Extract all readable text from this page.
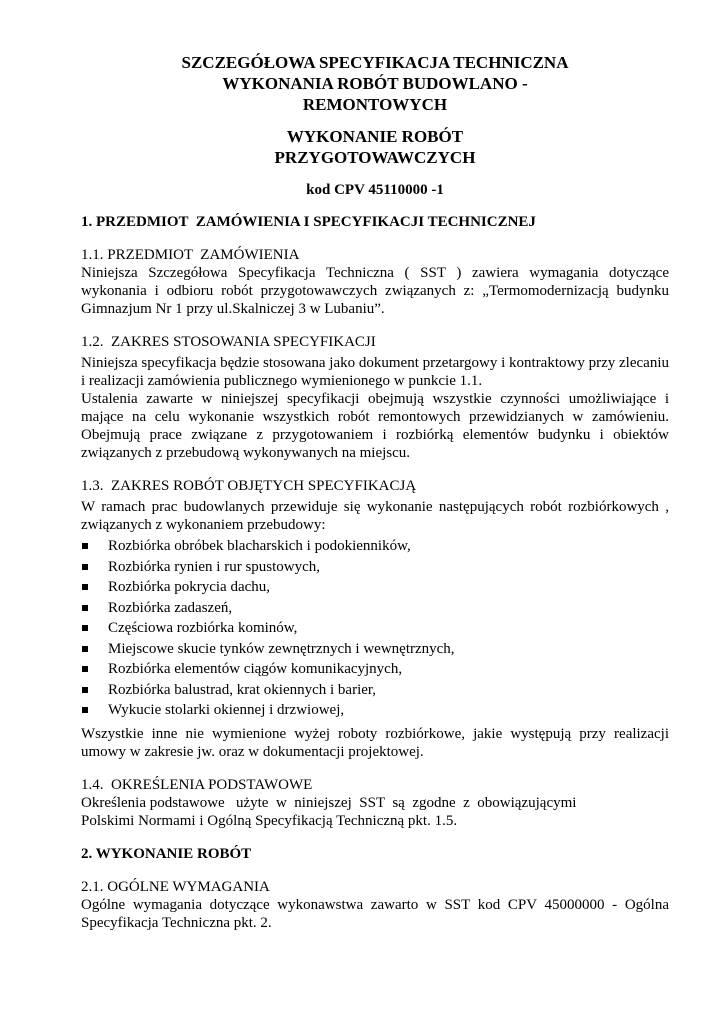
SZCZEGÓŁOWA SPECYFIKACJA TECHNICZNA
WYKONANIA ROBÓT BUDOWLANO -
REMONTOWYCH
WYKONANIE ROBÓT
PRZYGOTOWAWCZYCH
kod CPV 45110000 -1
1. PRZEDMIOT  ZAMÓWIENIA I SPECYFIKACJI TECHNICZNEJ
1.1. PRZEDMIOT  ZAMÓWIENIA

Niniejsza Szczegółowa Specyfikacja Techniczna ( SST ) zawiera wymagania dotyczące wykonania i odbioru robót przygotowawczych związanych z: „Termomodernizacją budynku Gimnazjum Nr 1 przy ul.Skalniczej 3 w Lubaniu”.

1.2.  ZAKRES STOSOWANIA SPECYFIKACJI

Niniejsza specyfikacja będzie stosowana jako dokument przetargowy i kontraktowy przy zlecaniu i realizacji zamówienia publicznego wymienionego w punkcie 1.1.

Ustalenia zawarte w niniejszej specyfikacji obejmują wszystkie czynności umożliwiające i mające na celu wykonanie wszystkich robót remontowych przewidzianych w zamówieniu. Obejmują prace związane z przygotowaniem i rozbiórką elementów budynku i obiektów związanych z przebudową wykonywanych na miejscu.

1.3.  ZAKRES ROBÓT OBJĘTYCH SPECYFIKACJĄ

W ramach prac budowlanych przewiduje się wykonanie następujących robót rozbiórkowych , związanych z wykonaniem przebudowy:

Rozbiórka obróbek blacharskich i podokienników,
Rozbiórka rynien i rur spustowych,
Rozbiórka pokrycia dachu,
Rozbiórka zadaszeń,
Częściowa rozbiórka kominów,
Miejscowe skucie tynków zewnętrznych i wewnętrznych,
Rozbiórka elementów ciągów komunikacyjnych,
Rozbiórka balustrad, krat okiennych i barier,
Wykucie stolarki okiennej i drzwiowej,

Wszystkie inne nie wymienione wyżej roboty rozbiórkowe, jakie występują przy realizacji umowy w zakresie jw. oraz w dokumentacji projektowej.

1.4.  OKREŚLENIA PODSTAWOWE
Określenia podstawowe   użyte  w  niniejszej  SST  są  zgodne  z  obowiązującymi
Polskimi Normami i Ogólną Specyfikacją Techniczną pkt. 1.5.
2. WYKONANIE ROBÓT
2.1. OGÓLNE WYMAGANIA

Ogólne wymagania dotyczące wykonawstwa zawarto w SST kod CPV 45000000 - Ogólna Specyfikacja Techniczna pkt. 2.
